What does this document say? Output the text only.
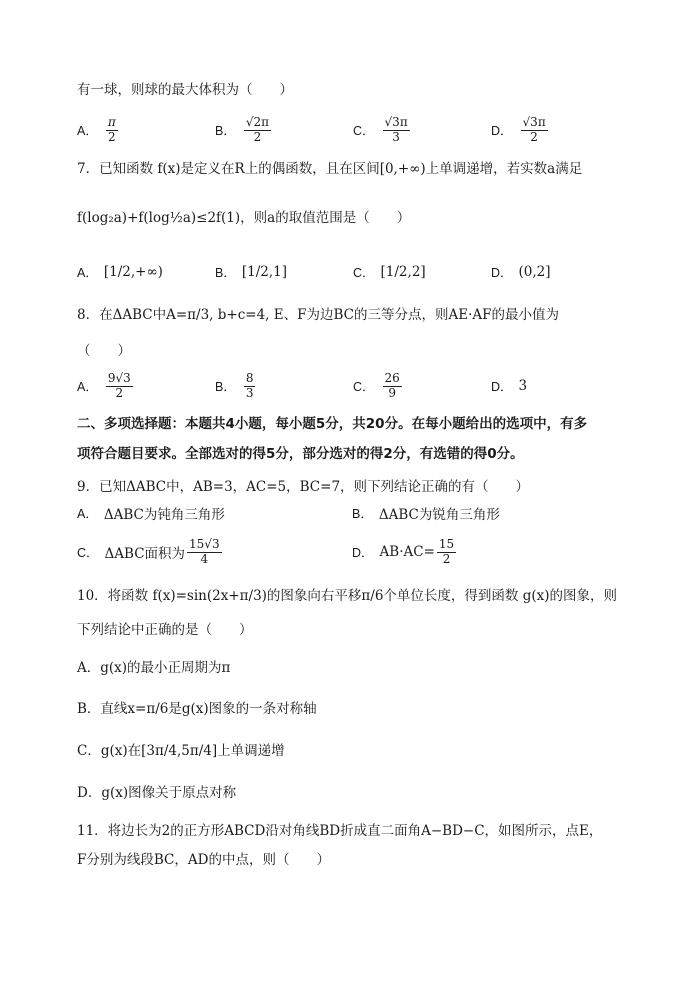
有一球，则球的最大体积为（　　）
A． $\frac{\pi}{2}$	B． $\frac{√2\pi}{2}$	C． $\frac{√3\pi}{3}$	D． $\frac{√3\pi}{2}$
7．已知函数 f(x)是定义在R上的偶函数，且在区间[0,+∞)上单调递增，若实数a满足
f(log₂a)+f(log½a)≤2f(1)，则a的取值范围是（　　）
A． [1/2,+∞)	B． [1/2,1]	C． [1/2,2]	D． (0,2]
8．在ΔABC中A=π/3, b+c=4, E、F为边BC的三等分点，则AE·AF的最小值为
（　　）
A． $\frac{9√3}{2}$	B． $\frac{8}{3}$	C． $\frac{26}{9}$	D． 3
二、多项选择题：本题共4小题，每小题5分，共20分。在每小题给出的选项中，有多
项符合题目要求。全部选对的得5分，部分选对的得2分，有选错的得0分。
9．已知ΔABC中，AB=3，AC=5，BC=7，则下列结论正确的有（　　）
A． ΔABC为钝角三角形	B． ΔABC为锐角三角形
C． ΔABC面积为 $\frac{15√3}{4}$	D． $AB\cdot AC= \frac{15}{2}$
10．将函数 f(x)=sin(2x+π/3)的图象向右平移π/6个单位长度，得到函数 g(x)的图象，则
下列结论中正确的是（　　）
A．g(x)的最小正周期为π
B．直线x=π/6是g(x)图象的一条对称轴
C．g(x)在[3π/4,5π/4]上单调递增
D．g(x)图像关于原点对称
11．将边长为2的正方形ABCD沿对角线BD折成直二面角A−BD−C，如图所示，点E，
F分别为线段BC，AD的中点，则（　　）
